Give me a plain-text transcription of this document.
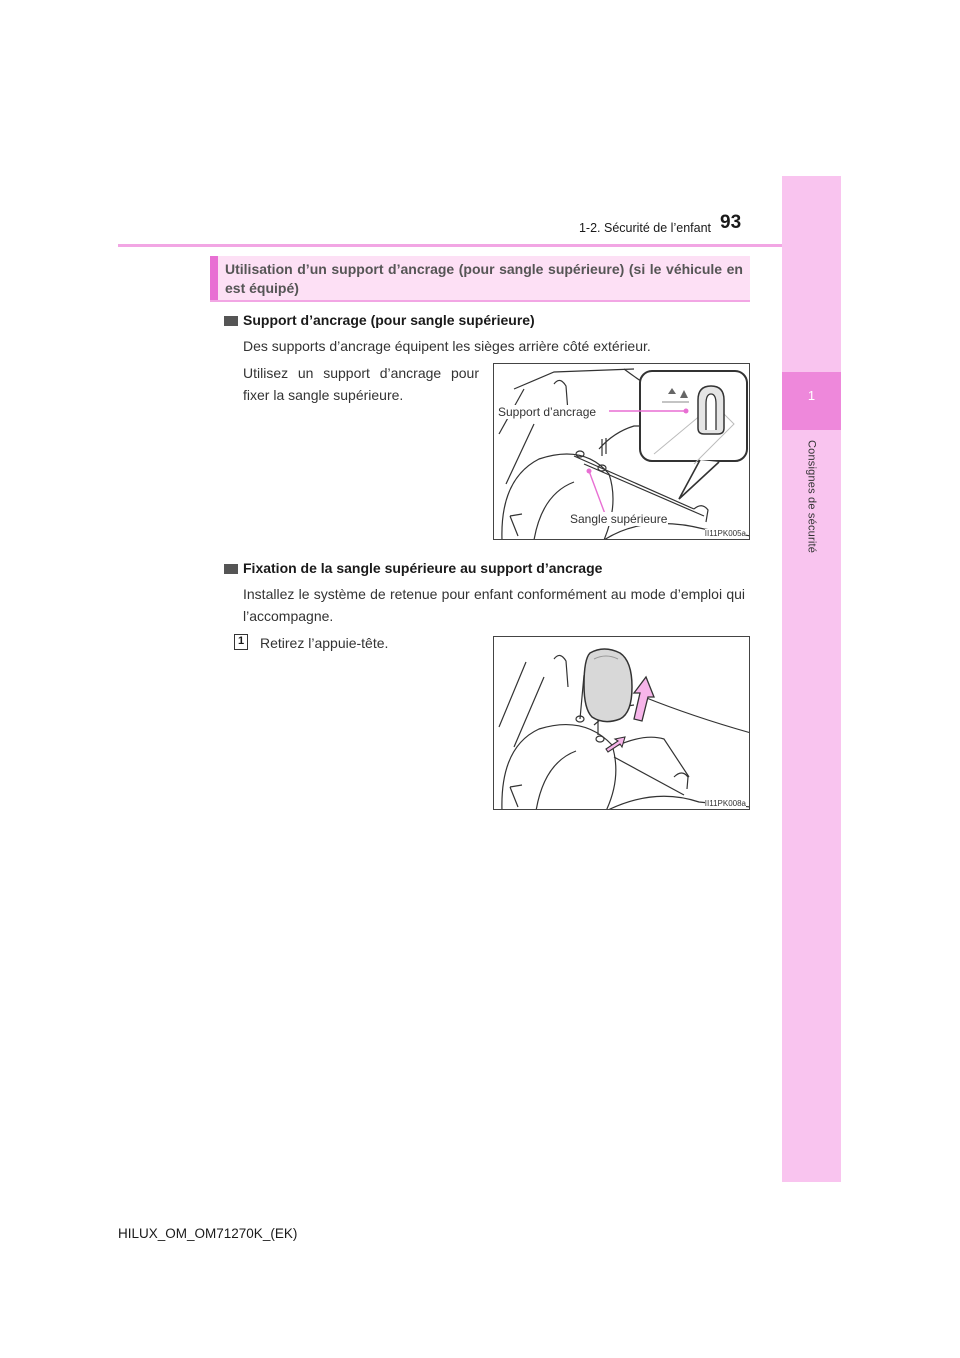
1
Consignes de sécurité
1-2. Sécurité de l’enfant 93
Utilisation d’un support d’ancrage (pour sangle supérieure) (si le véhicule en est équipé)
Support d’ancrage (pour sangle supérieure)
Des supports d’ancrage équipent les sièges arrière côté extérieur.
Utilisez un support d’ancrage pour fixer la sangle supérieure.
Support d’ancrage
Sangle supérieure
II11PK005a
Fixation de la sangle supérieure au support d’ancrage
Installez le système de retenue pour enfant conformément au mode d’emploi qui l’accompagne.
1 Retirez l’appuie-tête.
II11PK008a
HILUX_OM_OM71270K_(EK)
